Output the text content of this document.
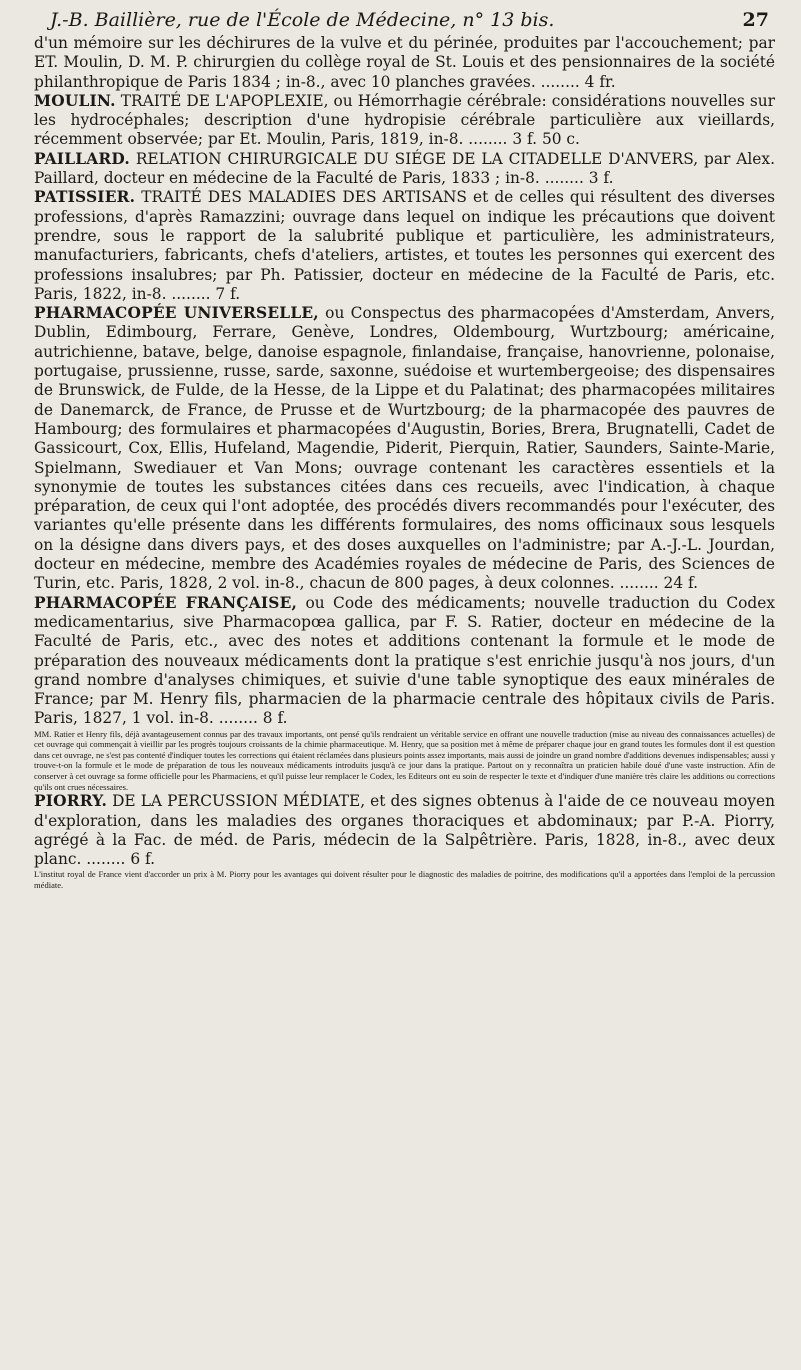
J.-B. Baillière, rue de l'École de Médecine, n° 13 bis.	27

d'un mémoire sur les déchirures de la vulve et du périnée, produites par l'accouchement; par ET. Moulin, D. M. P. chirurgien du collège royal de St. Louis et des pensionnaires de la société philanthropique de Paris 1834 ; in-8., avec 10 planches gravées. ........ 4 fr.

MOULIN. TRAITÉ DE L'APOPLEXIE, ou Hémorrhagie cérébrale: considérations nouvelles sur les hydrocéphales; description d'une hydropisie cérébrale particulière aux vieillards, récemment observée; par Et. Moulin, Paris, 1819, in-8. ........ 3 f. 50 c.

PAILLARD. RELATION CHIRURGICALE DU SIÉGE DE LA CITADELLE D'ANVERS, par Alex. Paillard, docteur en médecine de la Faculté de Paris, 1833 ; in-8. ........ 3 f.

PATISSIER. TRAITÉ DES MALADIES DES ARTISANS et de celles qui résultent des diverses professions, d'après Ramazzini; ouvrage dans lequel on indique les précautions que doivent prendre, sous le rapport de la salubrité publique et particulière, les administrateurs, manufacturiers, fabricants, chefs d'ateliers, artistes, et toutes les personnes qui exercent des professions insalubres; par Ph. Patissier, docteur en médecine de la Faculté de Paris, etc. Paris, 1822, in-8. ........ 7 f.

PHARMACOPÉE UNIVERSELLE, ou Conspectus des pharmacopées d'Amsterdam, Anvers, Dublin, Edimbourg, Ferrare, Genève, Londres, Oldembourg, Wurtzbourg; américaine, autrichienne, batave, belge, danoise espagnole, finlandaise, française, hanovrienne, polonaise, portugaise, prussienne, russe, sarde, saxonne, suédoise et wurtembergeoise; des dispensaires de Brunswick, de Fulde, de la Hesse, de la Lippe et du Palatinat; des pharmacopées militaires de Danemarck, de France, de Prusse et de Wurtzbourg; de la pharmacopée des pauvres de Hambourg; des formulaires et pharmacopées d'Augustin, Bories, Brera, Brugnatelli, Cadet de Gassicourt, Cox, Ellis, Hufeland, Magendie, Piderit, Pierquin, Ratier, Saunders, Sainte-Marie, Spielmann, Swediauer et Van Mons; ouvrage contenant les caractères essentiels et la synonymie de toutes les substances citées dans ces recueils, avec l'indication, à chaque préparation, de ceux qui l'ont adoptée, des procédés divers recommandés pour l'exécuter, des variantes qu'elle présente dans les différents formulaires, des noms officinaux sous lesquels on la désigne dans divers pays, et des doses auxquelles on l'administre; par A.-J.-L. Jourdan, docteur en médecine, membre des Académies royales de médecine de Paris, des Sciences de Turin, etc. Paris, 1828, 2 vol. in-8., chacun de 800 pages, à deux colonnes. ........ 24 f.

PHARMACOPÉE FRANÇAISE, ou Code des médicaments; nouvelle traduction du Codex medicamentarius, sive Pharmacopœa gallica, par F. S. Ratier, docteur en médecine de la Faculté de Paris, etc., avec des notes et additions contenant la formule et le mode de préparation des nouveaux médicaments dont la pratique s'est enrichie jusqu'à nos jours, d'un grand nombre d'analyses chimiques, et suivie d'une table synoptique des eaux minérales de France; par M. Henry fils, pharmacien de la pharmacie centrale des hôpitaux civils de Paris. Paris, 1827, 1 vol. in-8. ........ 8 f.

MM. Ratier et Henry fils, déjà avantageusement connus par des travaux importants, ont pensé qu'ils rendraient un véritable service en offrant une nouvelle traduction (mise au niveau des connaissances actuelles) de cet ouvrage qui commençait à vieillir par les progrès toujours croissants de la chimie pharmaceutique. M. Henry, que sa position met à même de préparer chaque jour en grand toutes les formules dont il est question dans cet ouvrage, ne s'est pas contenté d'indiquer toutes les corrections qui étaient réclamées dans plusieurs points assez importants, mais aussi de joindre un grand nombre d'additions devenues indispensables; aussi y trouve-t-on la formule et le mode de préparation de tous les nouveaux médicaments introduits jusqu'à ce jour dans la pratique. Partout on y reconnaîtra un praticien habile doué d'une vaste instruction. Afin de conserver à cet ouvrage sa forme officielle pour les Pharmaciens, et qu'il puisse leur remplacer le Codex, les Editeurs ont eu soin de respecter le texte et d'indiquer d'une manière très claire les additions ou corrections qu'ils ont crues nécessaires.

PIORRY. DE LA PERCUSSION MÉDIATE, et des signes obtenus à l'aide de ce nouveau moyen d'exploration, dans les maladies des organes thoraciques et abdominaux; par P.-A. Piorry, agrégé à la Fac. de méd. de Paris, médecin de la Salpêtrière. Paris, 1828, in-8., avec deux planc. ........ 6 f.

L'institut royal de France vient d'accorder un prix à M. Piorry pour les avantages qui doivent résulter pour le diagnostic des maladies de poitrine, des modifications qu'il a apportées dans l'emploi de la percussion médiate.
